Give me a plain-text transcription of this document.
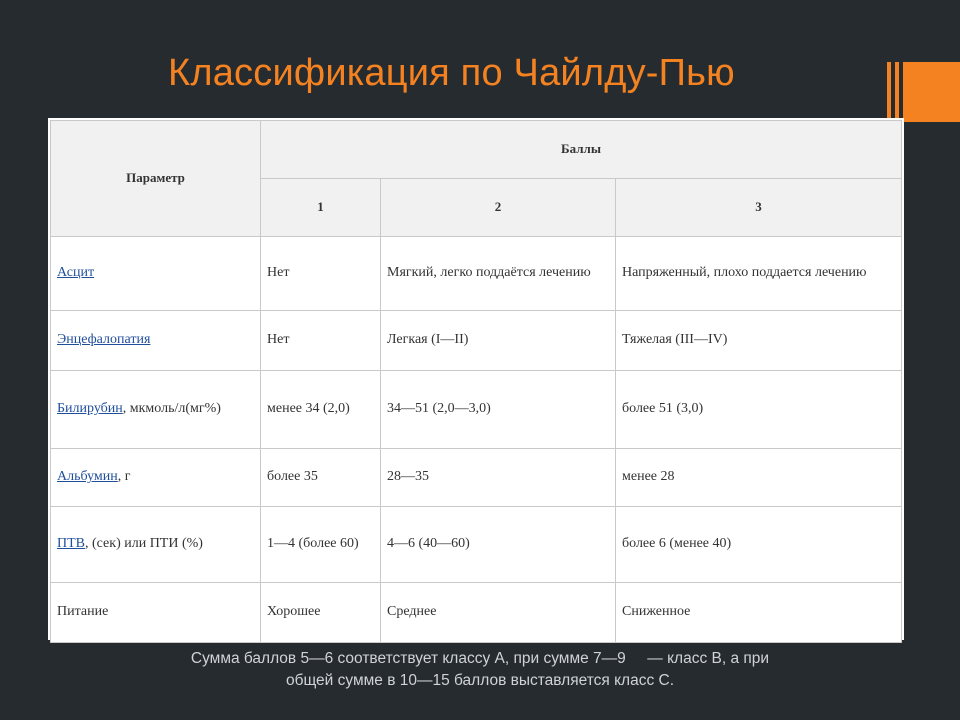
Классификация по Чайлду-Пью
Параметр	Баллы		
	1	2	3
Асцит	Нет	Мягкий, легко поддаётся лечению	Напряженный, плохо поддается лечению
Энцефалопатия	Нет	Легкая (I—II)	Тяжелая (III—IV)
Билирубин, мкмоль/л(мг%)	менее 34 (2,0)	34—51 (2,0—3,0)	более 51 (3,0)
Альбумин, г	более 35	28—35	менее 28
ПТВ, (сек) или ПТИ (%)	1—4 (более 60)	4—6 (40—60)	более 6 (менее 40)
Питание	Хорошее	Среднее	Сниженное
Сумма баллов 5—6 соответствует классу А, при сумме 7—9     — класс В, а при
общей сумме в 10—15 баллов выставляется класс С.
